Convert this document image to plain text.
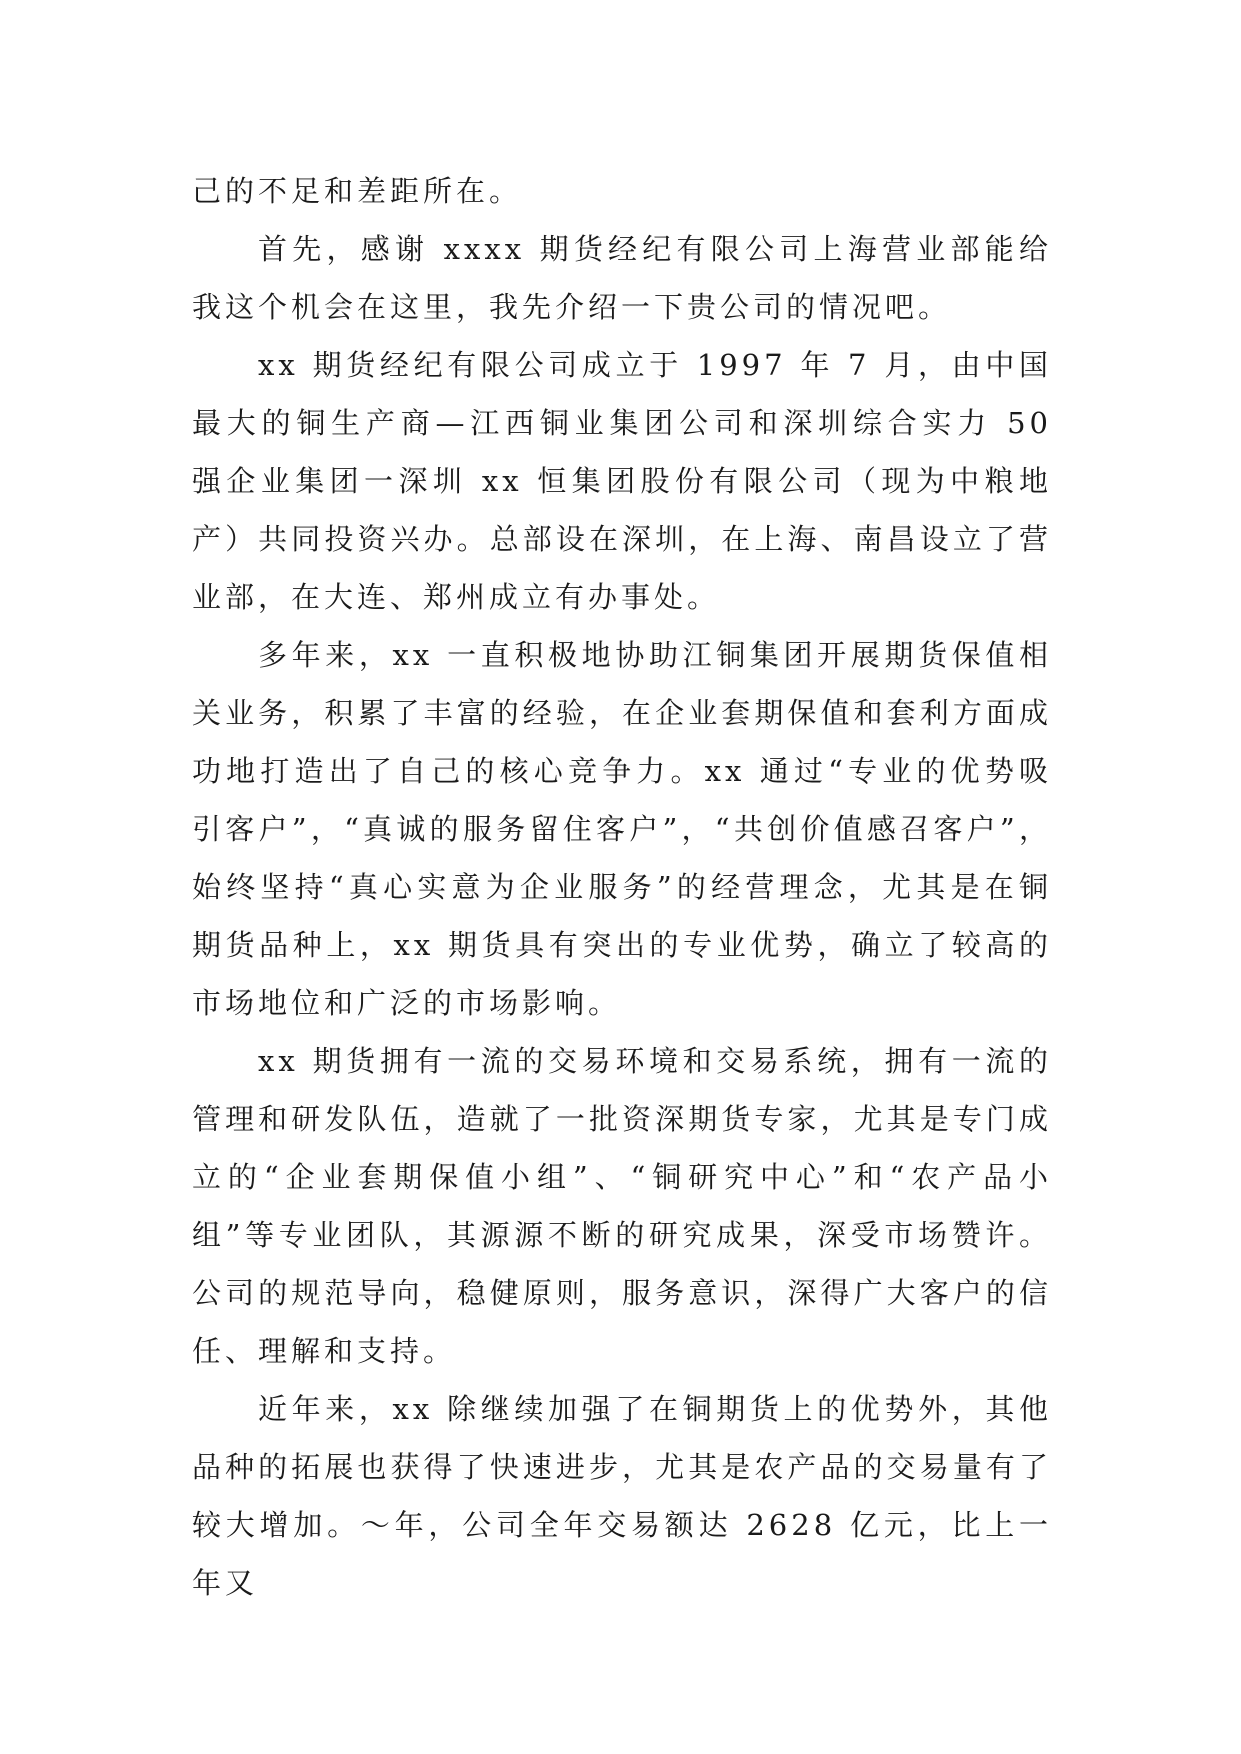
己的不足和差距所在。

首先，感谢 xxxx 期货经纪有限公司上海营业部能给我这个机会在这里，我先介绍一下贵公司的情况吧。

xx 期货经纪有限公司成立于 1997 年 7 月，由中国最大的铜生产商—江西铜业集团公司和深圳综合实力 50 强企业集团一深圳 xx 恒集团股份有限公司（现为中粮地产）共同投资兴办。总部设在深圳，在上海、南昌设立了营业部，在大连、郑州成立有办事处。

多年来，xx 一直积极地协助江铜集团开展期货保值相关业务，积累了丰富的经验，在企业套期保值和套利方面成功地打造出了自己的核心竞争力。xx 通过“专业的优势吸引客户”，“真诚的服务留住客户”，“共创价值感召客户”，始终坚持“真心实意为企业服务”的经营理念，尤其是在铜期货品种上，xx 期货具有突出的专业优势，确立了较高的市场地位和广泛的市场影响。

xx 期货拥有一流的交易环境和交易系统，拥有一流的管理和研发队伍，造就了一批资深期货专家，尤其是专门成立的“企业套期保值小组”、“铜研究中心”和“农产品小组”等专业团队，其源源不断的研究成果，深受市场赞许。公司的规范导向，稳健原则，服务意识，深得广大客户的信任、理解和支持。

近年来，xx 除继续加强了在铜期货上的优势外，其他品种的拓展也获得了快速进步，尤其是农产品的交易量有了较大增加。～年，公司全年交易额达 2628 亿元，比上一年又
